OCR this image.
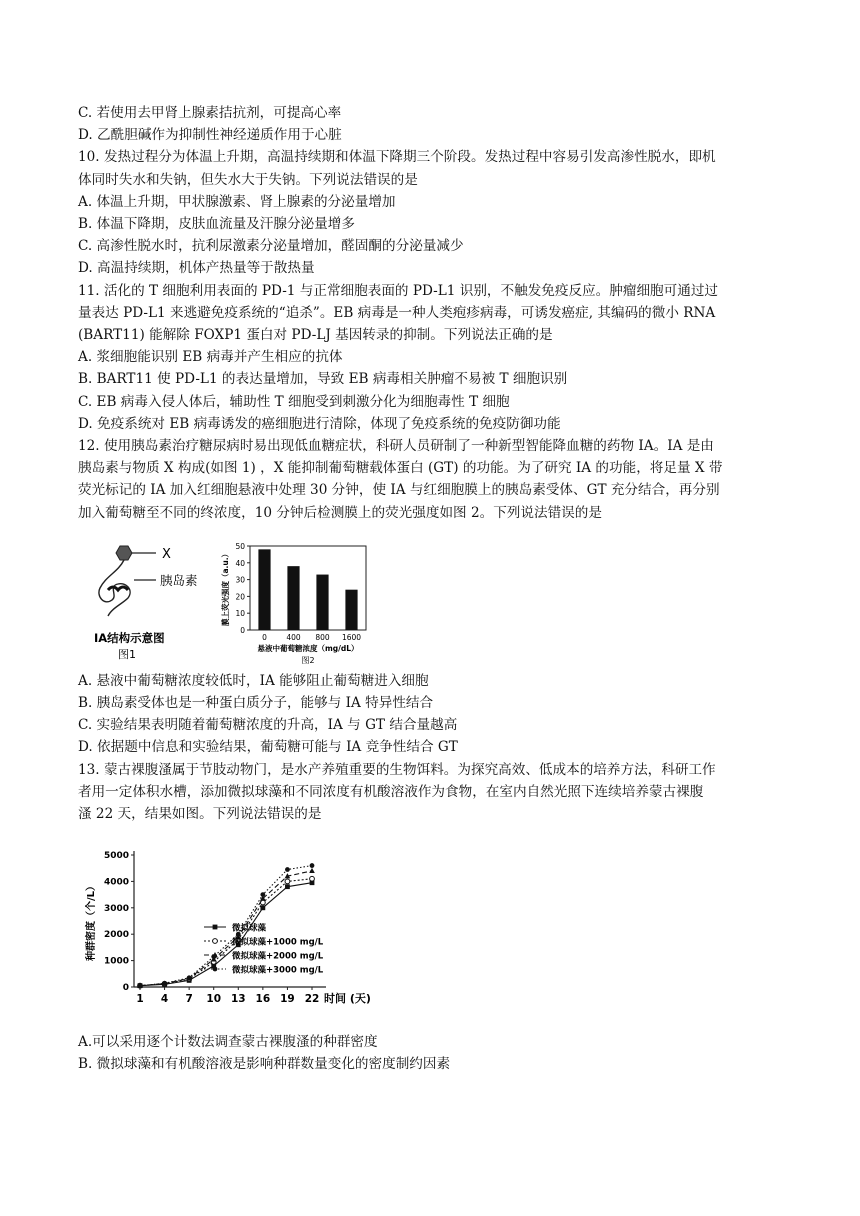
C. 若使用去甲肾上腺素拮抗剂，可提高心率
D. 乙酰胆碱作为抑制性神经递质作用于心脏
10. 发热过程分为体温上升期，高温持续期和体温下降期三个阶段。发热过程中容易引发高渗性脱水，即机
体同时失水和失钠，但失水大于失钠。下列说法错误的是
A. 体温上升期，甲状腺激素、肾上腺素的分泌量增加
B. 体温下降期，皮肤血流量及汗腺分泌量增多
C. 高渗性脱水时，抗利尿激素分泌量增加，醛固酮的分泌量减少
D. 高温持续期，机体产热量等于散热量
11. 活化的 T 细胞利用表面的 PD-1 与正常细胞表面的 PD-L1 识别，不触发免疫反应。肿瘤细胞可通过过
量表达 PD-L1 来逃避免疫系统的“追杀”。EB 病毒是一种人类疱疹病毒，可诱发癌症, 其编码的微小 RNA
(BART11) 能解除 FOXP1 蛋白对 PD-LJ 基因转录的抑制。下列说法正确的是
A. 浆细胞能识别 EB 病毒并产生相应的抗体
B. BART11 使 PD-L1 的表达量增加，导致 EB 病毒相关肿瘤不易被 T 细胞识别
C. EB 病毒入侵人体后，辅助性 T 细胞受到刺激分化为细胞毒性 T 细胞
D. 免疫系统对 EB 病毒诱发的癌细胞进行清除，体现了免疫系统的免疫防御功能
12. 使用胰岛素治疗糖尿病时易出现低血糖症状，科研人员研制了一种新型智能降血糖的药物 IA。IA 是由
胰岛素与物质 X 构成(如图 1) ，X 能抑制葡萄糖载体蛋白 (GT) 的功能。为了研究 IA 的功能，将足量 X 带
荧光标记的 IA 加入红细胞悬液中处理 30 分钟，使 IA 与红细胞膜上的胰岛素受体、GT 充分结合，再分别
加入葡萄糖至不同的终浓度，10 分钟后检测膜上的荧光强度如图 2。下列说法错误的是
X
胰岛素
IA结构示意图
图1
0
10
20
30
40
50
0	400 800 1600
悬液中葡萄糖浓度（mg/dL）
图2
膜上荧光强度（a.u.）
A. 悬液中葡萄糖浓度较低时，IA 能够阻止葡萄糖进入细胞
B. 胰岛素受体也是一种蛋白质分子，能够与 IA 特异性结合
C. 实验结果表明随着葡萄糖浓度的升高，IA 与 GT 结合量越高
D. 依据题中信息和实验结果，葡萄糖可能与 IA 竞争性结合 GT
13. 蒙古裸腹溞属于节肢动物门，是水产养殖重要的生物饵料。为探究高效、低成本的培养方法，科研工作
者用一定体积水槽，添加微拟球藻和不同浓度有机酸溶液作为食物，在室内自然光照下连续培养蒙古裸腹
溞 22 天，结果如图。下列说法错误的是
0
1000
2000
3000
4000
5000
1 4 7 10 13 16 19 22 时间 (天)
种群密度（个/L）	微拟球藻
微拟球藻+1000 mg/L
微拟球藻+2000 mg/L
微拟球藻+3000 mg/L
A.可以采用逐个计数法调查蒙古裸腹溞的种群密度
B. 微拟球藻和有机酸溶液是影响种群数量变化的密度制约因素
